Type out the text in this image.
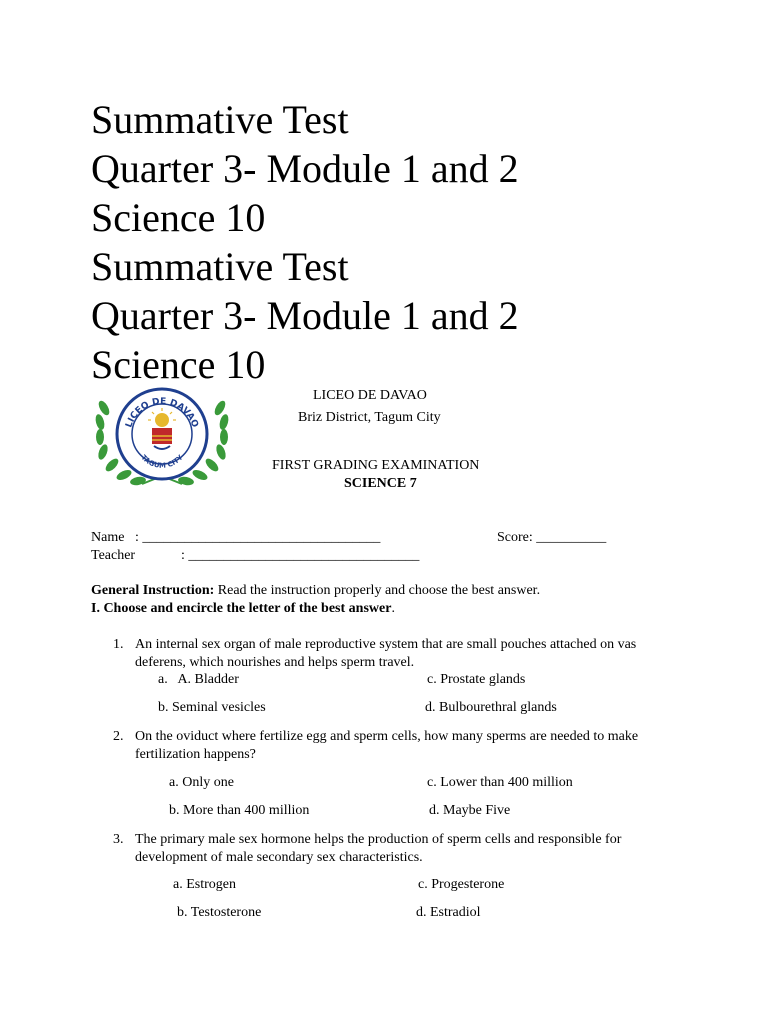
Summative Test
Quarter 3- Module 1 and 2
Science 10
Summative Test
Quarter 3- Module 1 and 2
Science 10
LICEO DE DAVAO
TAGUM CITY
LICEO DE DAVAO
Briz District, Tagum City
FIRST GRADING EXAMINATION
SCIENCE 7
Name : __________________________________	Score: __________
Teacher	: _________________________________
General Instruction: Read the instruction properly and choose the best answer.
I. Choose and encircle the letter of the best answer.
1. An internal sex organ of male reproductive system that are small pouches attached on vas deferens, which nourishes and helps sperm travel.
a.   A. Bladder	c. Prostate glands
b. Seminal vesicles	d. Bulbourethral glands
2. On the oviduct where fertilize egg and sperm cells, how many sperms are needed to make fertilization happens?
a. Only one	c. Lower than 400 million
b. More than 400 million	d. Maybe Five
3. The primary male sex hormone helps the production of sperm cells and responsible for development of male secondary sex characteristics.
a. Estrogen	c. Progesterone
b. Testosterone	d. Estradiol
